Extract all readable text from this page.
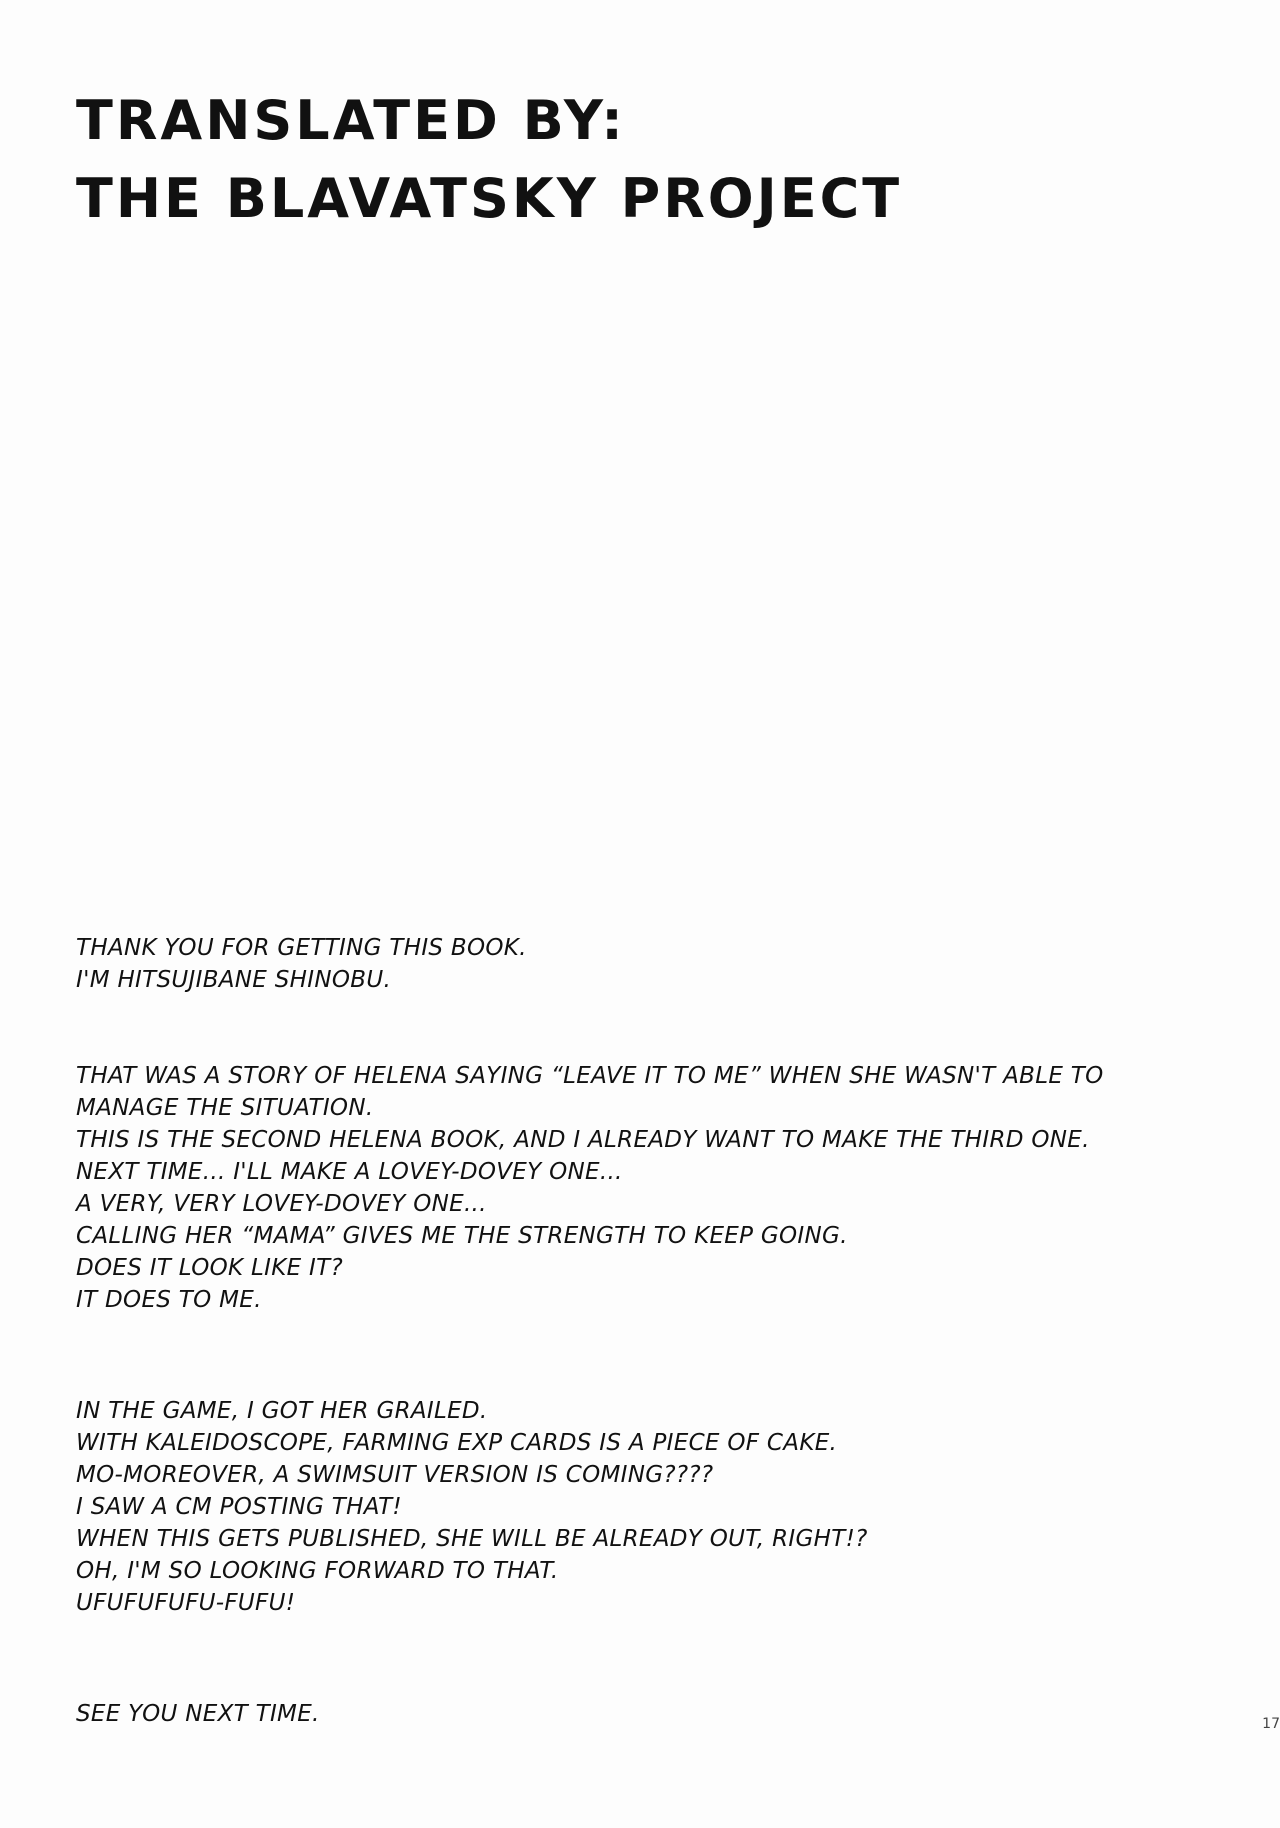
TRANSLATED BY:
THE BLAVATSKY PROJECT

THANK YOU FOR GETTING THIS BOOK.
I'M HITSUJIBANE SHINOBU.

THAT WAS A STORY OF HELENA SAYING “LEAVE IT TO ME” WHEN SHE WASN'T ABLE TO
MANAGE THE SITUATION.
THIS IS THE SECOND HELENA BOOK, AND I ALREADY WANT TO MAKE THE THIRD ONE.
NEXT TIME... I'LL MAKE A LOVEY-DOVEY ONE...
A VERY, VERY LOVEY-DOVEY ONE...
CALLING HER “MAMA” GIVES ME THE STRENGTH TO KEEP GOING.
DOES IT LOOK LIKE IT?
IT DOES TO ME.

IN THE GAME, I GOT HER GRAILED.
WITH KALEIDOSCOPE, FARMING EXP CARDS IS A PIECE OF CAKE.
MO-MOREOVER, A SWIMSUIT VERSION IS COMING????
I SAW A CM POSTING THAT!
WHEN THIS GETS PUBLISHED, SHE WILL BE ALREADY OUT, RIGHT!?
OH, I'M SO LOOKING FORWARD TO THAT.
UFUFUFUFU-FUFU!

SEE YOU NEXT TIME.	17
